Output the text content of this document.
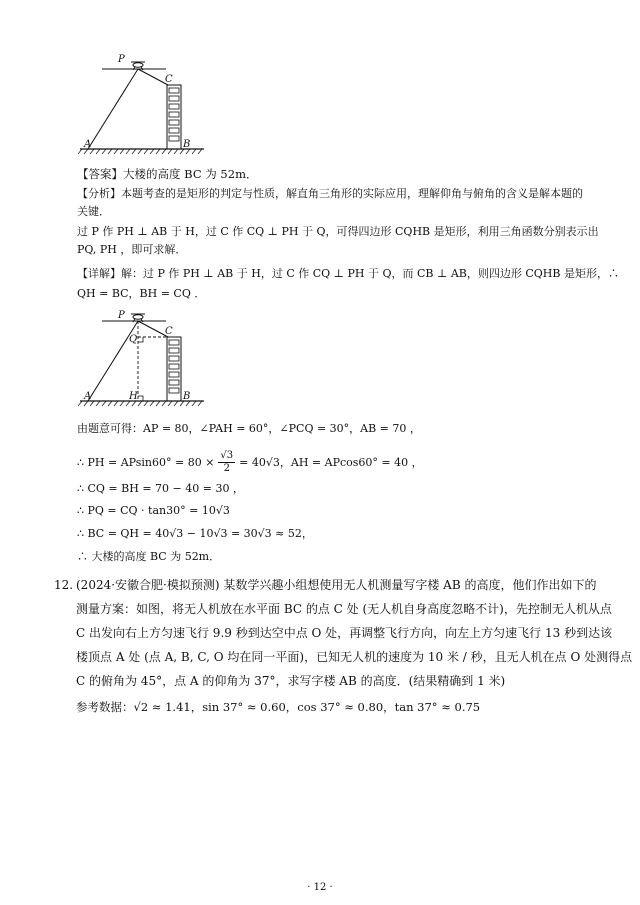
P
C
A	B
【答案】大楼的高度 BC 为 52m．
【分析】本题考查的是矩形的判定与性质，解直角三角形的实际应用，理解仰角与俯角的含义是解本题的
关键．
过 P 作 PH ⊥ AB 于 H，过 C 作 CQ ⊥ PH 于 Q，可得四边形 CQHB 是矩形，利用三角函数分别表示出
PQ, PH ，即可求解．
【详解】解：过 P 作 PH ⊥ AB 于 H，过 C 作 CQ ⊥ PH 于 Q，而 CB ⊥ AB，则四边形 CQHB 是矩形，∴
QH = BC，BH = CQ ．
P
Q
C
A	H	B
由题意可得：AP = 80，∠PAH = 60°，∠PCQ = 30°，AB = 70 ，
∴ PH = $APsin60^\circ = 80 \times \frac{√3}{2} = 40√3$，AH = APcos60° = 40 ，
∴ CQ = BH = 70 − 40 = 30 ，
∴ PQ = CQ · tan30° = 10√3
∴ BC = QH = 40√3 − 10√3 = 30√3 ≈ 52，
∴ 大楼的高度 BC 为 52m．
12. (2024·安徽合肥·模拟预测) 某数学兴趣小组想使用无人机测量写字楼 AB 的高度，他们作出如下的
测量方案：如图，将无人机放在水平面 BC 的点 C 处 (无人机自身高度忽略不计)，先控制无人机从点
C 出发向右上方匀速飞行 9.9 秒到达空中点 O 处，再调整飞行方向，向左上方匀速飞行 13 秒到达该
楼顶点 A 处 (点 A, B, C, O 均在同一平面)，已知无人机的速度为 10 米 / 秒，且无人机在点 O 处测得点
C 的俯角为 45°，点 A 的仰角为 37°，求写字楼 AB 的高度．(结果精确到 1 米)
参考数据：√2 ≈ 1.41，sin 37° ≈ 0.60，cos 37° ≈ 0.80，tan 37° ≈ 0.75
· 12 ·
